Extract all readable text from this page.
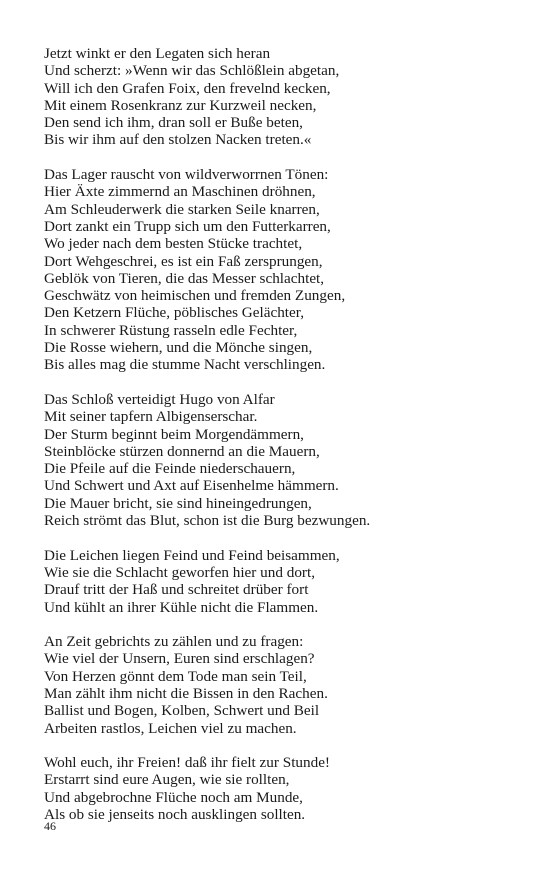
Jetzt winkt er den Legaten sich heran
Und scherzt: »Wenn wir das Schlößlein abgetan,
Will ich den Grafen Foix, den frevelnd kecken,
Mit einem Rosenkranz zur Kurzweil necken,
Den send ich ihm, dran soll er Buße beten,
Bis wir ihm auf den stolzen Nacken treten.«
Das Lager rauscht von wildverworrnen Tönen:
Hier Äxte zimmernd an Maschinen dröhnen,
Am Schleuderwerk die starken Seile knarren,
Dort zankt ein Trupp sich um den Futterkarren,
Wo jeder nach dem besten Stücke trachtet,
Dort Wehgeschrei, es ist ein Faß zersprungen,
Geblök von Tieren, die das Messer schlachtet,
Geschwätz von heimischen und fremden Zungen,
Den Ketzern Flüche, pöblisches Gelächter,
In schwerer Rüstung rasseln edle Fechter,
Die Rosse wiehern, und die Mönche singen,
Bis alles mag die stumme Nacht verschlingen.
Das Schloß verteidigt Hugo von Alfar
Mit seiner tapfern Albigenserschar.
Der Sturm beginnt beim Morgendämmern,
Steinblöcke stürzen donnernd an die Mauern,
Die Pfeile auf die Feinde niederschauern,
Und Schwert und Axt auf Eisenhelme hämmern.
Die Mauer bricht, sie sind hineingedrungen,
Reich strömt das Blut, schon ist die Burg bezwungen.
Die Leichen liegen Feind und Feind beisammen,
Wie sie die Schlacht geworfen hier und dort,
Drauf tritt der Haß und schreitet drüber fort
Und kühlt an ihrer Kühle nicht die Flammen.
An Zeit gebrichts zu zählen und zu fragen:
Wie viel der Unsern, Euren sind erschlagen?
Von Herzen gönnt dem Tode man sein Teil,
Man zählt ihm nicht die Bissen in den Rachen.
Ballist und Bogen, Kolben, Schwert und Beil
Arbeiten rastlos, Leichen viel zu machen.
Wohl euch, ihr Freien! daß ihr fielt zur Stunde!
Erstarrt sind eure Augen, wie sie rollten,
Und abgebrochne Flüche noch am Munde,
Als ob sie jenseits noch ausklingen sollten.
46
